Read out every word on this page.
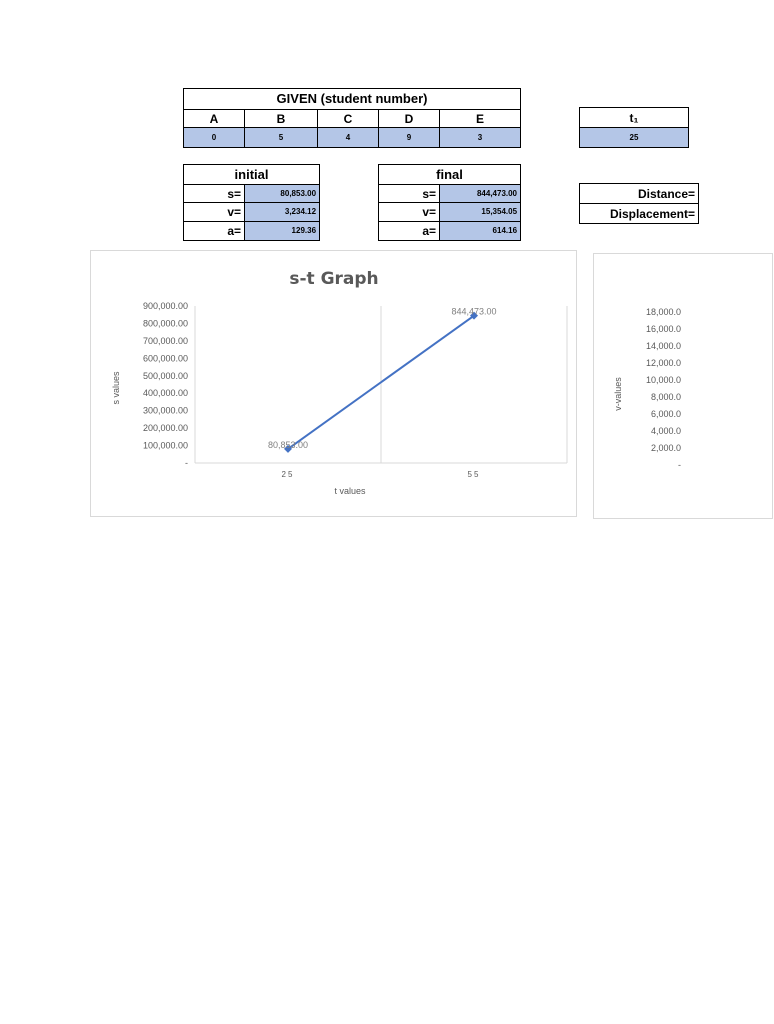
GIVEN (student number)				
A	B	C	D	E
0	5	4	9	3
t₁
25
initial	
s=	80,853.00
v=	3,234.12
a=	129.36
final	
s=	844,473.00
v=	15,354.05
a=	614.16
Distance=
Displacement=
s-t Graph
s values
t values
-
100,000.00
200,000.00
300,000.00
400,000.00
500,000.00
600,000.00
700,000.00
800,000.00
900,000.00
25	55
80,853.00
844,473.00
v-values
-
2,000.0
4,000.0
6,000.0
8,000.0
10,000.0
12,000.0
14,000.0
16,000.0
18,000.0
